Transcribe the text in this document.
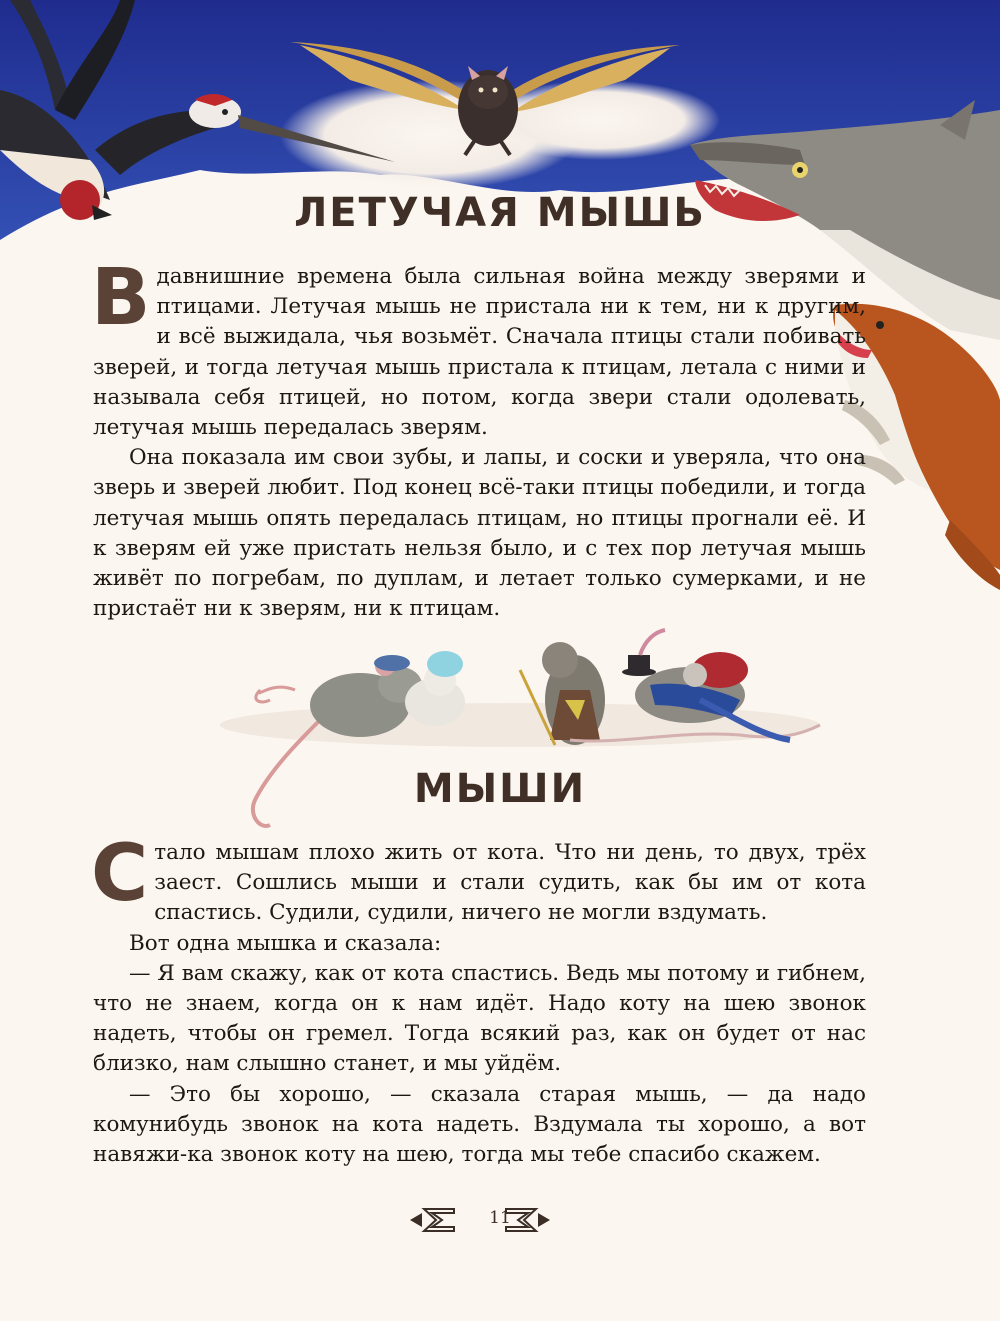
ЛЕТУЧАЯ МЫШЬ

Вдавнишние времена была сильная война между зверями и птицами. Летучая мышь не пристала ни к тем, ни к другим, и всё выжидала, чья возьмёт. Сначала птицы стали побивать зверей, и тогда летучая мышь пристала к птицам, летала с ними и называла себя птицей, но потом, когда звери стали одолевать, летучая мышь передалась зверям.

Она показала им свои зубы, и лапы, и соски и уверяла, что она зверь и зверей любит. Под конец всё-таки птицы победили, и тогда летучая мышь опять передалась птицам, но птицы прогнали её. И к зверям ей уже пристать нельзя было, и с тех пор летучая мышь живёт по погребам, по дуплам, и летает только сумерками, и не пристаёт ни к зверям, ни к птицам.

МЫШИ

Стало мышам плохо жить от кота. Что ни день, то двух, трёх заест. Сошлись мыши и стали судить, как бы им от кота спастись. Судили, судили, ничего не могли вздумать.

Вот одна мышка и сказала:

— Я вам скажу, как от кота спастись. Ведь мы потому и гибнем, что не знаем, когда он к нам идёт. Надо коту на шею звонок надеть, чтобы он гремел. Тогда всякий раз, как он будет от нас близко, нам слышно станет, и мы уйдём.

— Это бы хорошо, — сказала старая мышь, — да надо комунибудь звонок на кота надеть. Вздумала ты хорошо, а вот навяжи-ка звонок коту на шею, тогда мы тебе спасибо скажем.

11
